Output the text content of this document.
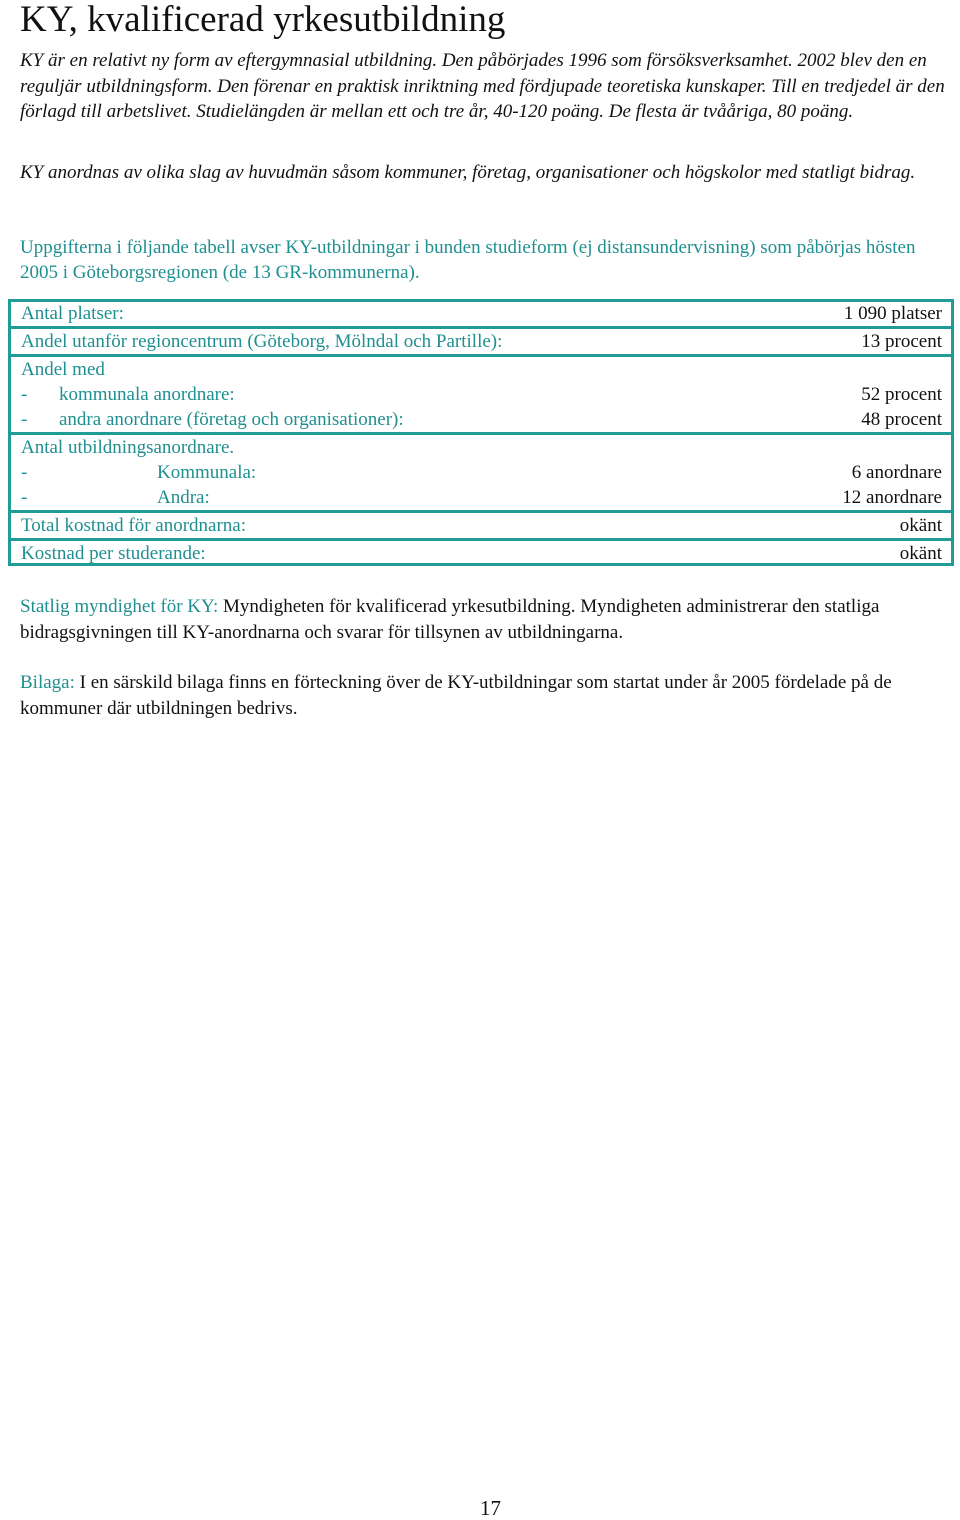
KY, kvalificerad yrkesutbildning

KY är en relativt ny form av eftergymnasial utbildning. Den påbörjades 1996 som försöksverksamhet. 2002 blev den en reguljär utbildningsform. Den förenar en praktisk inriktning med fördjupade teoretiska kunskaper. Till en tredjedel är den förlagd till arbetslivet. Studielängden är mellan ett och tre år, 40-120 poäng. De flesta är tvååriga, 80 poäng.

KY anordnas av olika slag av huvudmän såsom kommuner, företag, organisationer och högskolor med statligt bidrag.

Uppgifterna i följande tabell avser KY-utbildningar i bunden studieform (ej distansundervisning) som påbörjas hösten 2005 i Göteborgsregionen (de 13 GR-kommunerna).

Antal platser:	1 090 platser
Andel utanför regioncentrum (Göteborg, Mölndal och Partille):	13 procent
Andel med
- kommunala anordnare:	52 procent
- andra anordnare (företag och organisationer):	48 procent
Antal utbildningsanordnare.
-	Kommunala:	6 anordnare
-	Andra:	12 anordnare
Total kostnad för anordnarna:	okänt
Kostnad per studerande:	okänt

Statlig myndighet för KY: Myndigheten för kvalificerad yrkesutbildning. Myndigheten administrerar den statliga bidragsgivningen till KY-anordnarna och svarar för tillsynen av utbildningarna.

Bilaga: I en särskild bilaga finns en förteckning över de KY-utbildningar som startat under år 2005 fördelade på de kommuner där utbildningen bedrivs.

17
